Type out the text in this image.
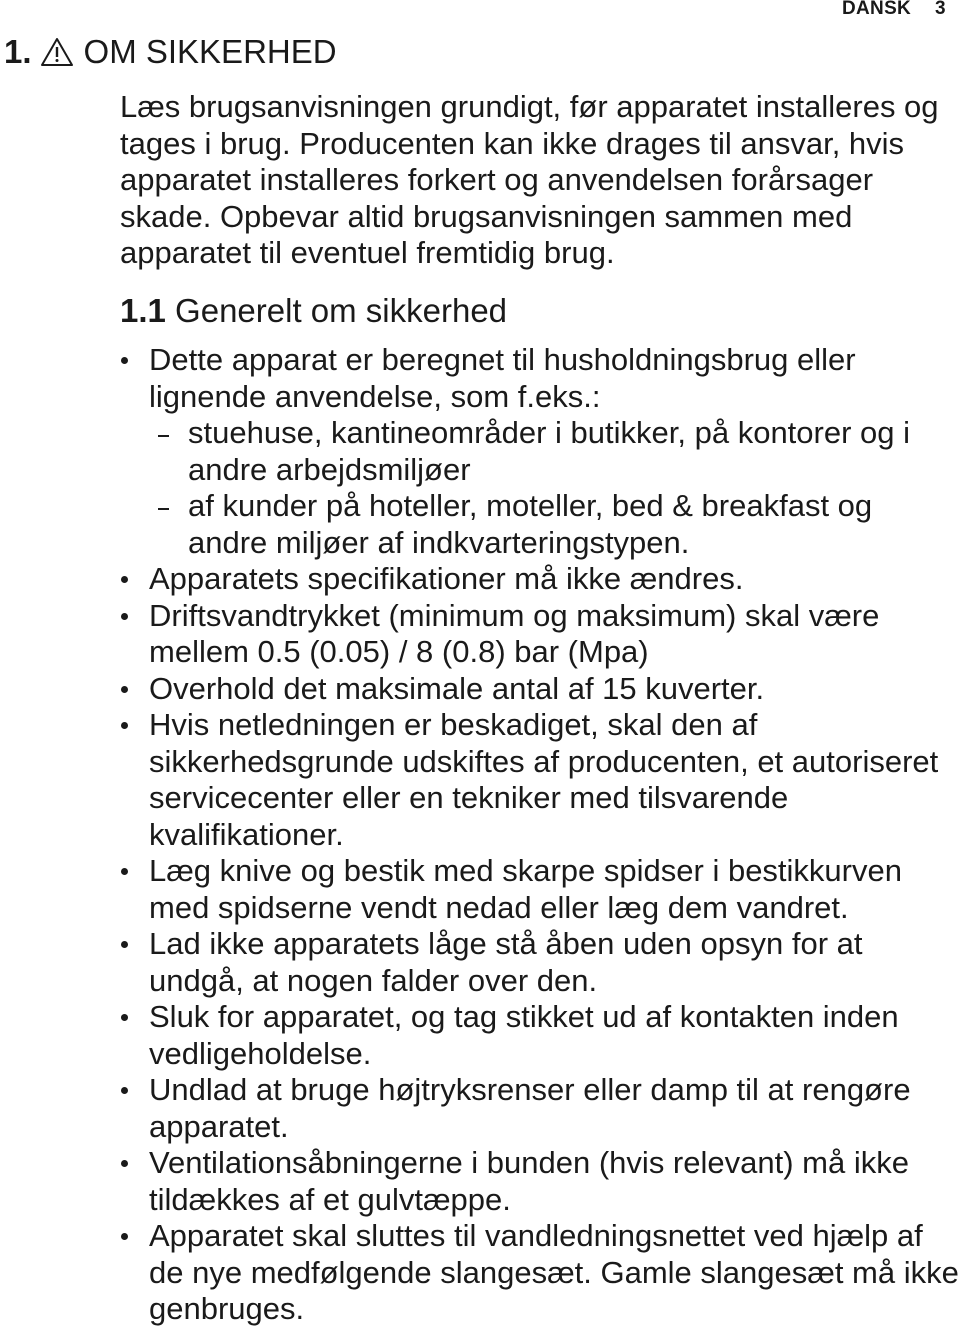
DANSK 3
1. OM SIKKERHED

Læs brugsanvisningen grundigt, før apparatet installeres og tages i brug. Producenten kan ikke drages til ansvar, hvis apparatet installeres forkert og anvendelsen forårsager skade. Opbevar altid brugsanvisningen sammen med apparatet til eventuel fremtidig brug.

1.1 Generelt om sikkerhed
Dette apparat er beregnet til husholdningsbrug eller lignende anvendelse, som f.eks.:
stuehuse, kantineområder i butikker, på kontorer og i andre arbejdsmiljøer
af kunder på hoteller, moteller, bed & breakfast og andre miljøer af indkvarteringstypen.
Apparatets specifikationer må ikke ændres.
Driftsvandtrykket (minimum og maksimum) skal være mellem 0.5 (0.05) / 8 (0.8) bar (Mpa)
Overhold det maksimale antal af 15 kuverter.
Hvis netledningen er beskadiget, skal den af sikkerhedsgrunde udskiftes af producenten, et autoriseret servicecenter eller en tekniker med tilsvarende kvalifikationer.
Læg knive og bestik med skarpe spidser i bestikkurven med spidserne vendt nedad eller læg dem vandret.
Lad ikke apparatets låge stå åben uden opsyn for at undgå, at nogen falder over den.
Sluk for apparatet, og tag stikket ud af kontakten inden vedligeholdelse.
Undlad at bruge højtryksrenser eller damp til at rengøre apparatet.
Ventilationsåbningerne i bunden (hvis relevant) må ikke tildækkes af et gulvtæppe.
Apparatet skal sluttes til vandledningsnettet ved hjælp af de nye medfølgende slangesæt. Gamle slangesæt må ikke genbruges.
